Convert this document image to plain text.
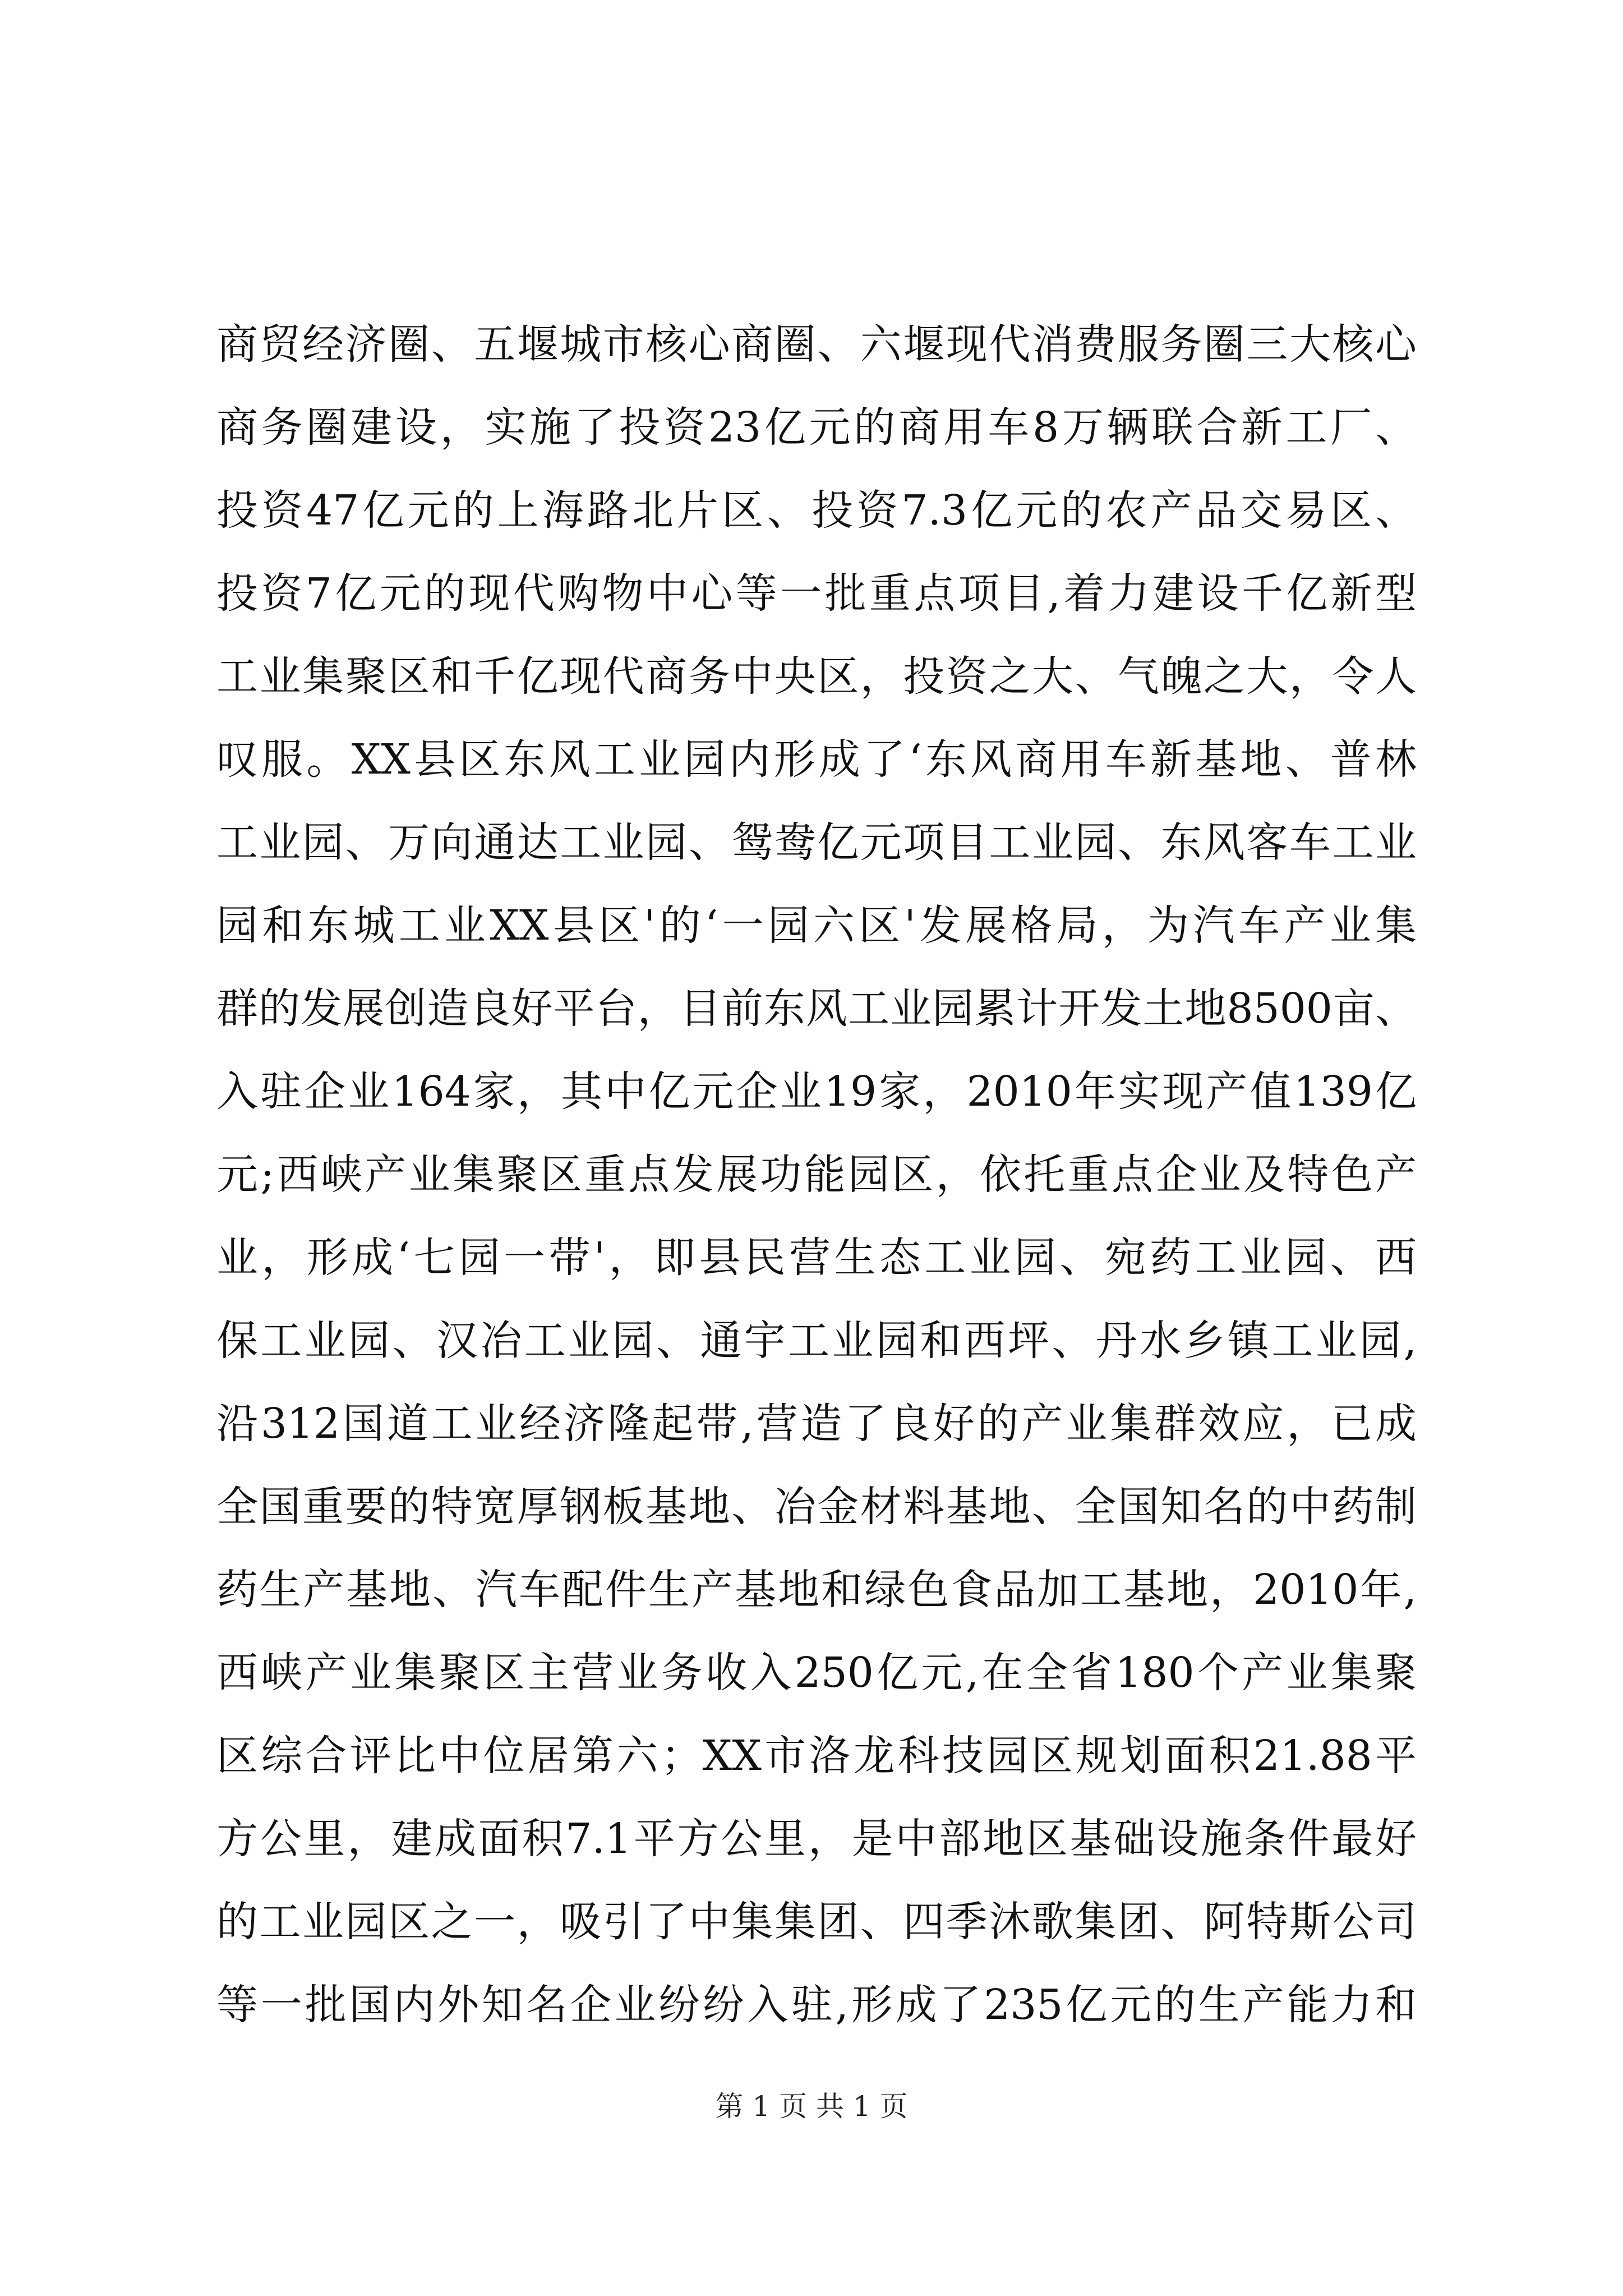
商贸经济圈、五堰城市核心商圈、六堰现代消费服务圈三大核心
商务圈建设，实施了投资23亿元的商用车8万辆联合新工厂、
投资47亿元的上海路北片区、投资7.3亿元的农产品交易区、
投资7亿元的现代购物中心等一批重点项目,着力建设千亿新型
工业集聚区和千亿现代商务中央区，投资之大、气魄之大，令人
叹服。XX县区东风工业园内形成了‘东风商用车新基地、普林
工业园、万向通达工业园、鸳鸯亿元项目工业园、东风客车工业
园和东城工业XX县区'的‘一园六区'发展格局，为汽车产业集
群的发展创造良好平台，目前东风工业园累计开发土地8500亩、
入驻企业164家，其中亿元企业19家，2010年实现产值139亿
元;西峡产业集聚区重点发展功能园区，依托重点企业及特色产
业，形成‘七园一带'，即县民营生态工业园、宛药工业园、西
保工业园、汉冶工业园、通宇工业园和西坪、丹水乡镇工业园,
沿312国道工业经济隆起带,营造了良好的产业集群效应，已成
全国重要的特宽厚钢板基地、冶金材料基地、全国知名的中药制
药生产基地、汽车配件生产基地和绿色食品加工基地，2010年,
西峡产业集聚区主营业务收入250亿元,在全省180个产业集聚
区综合评比中位居第六；XX市洛龙科技园区规划面积21.88平
方公里，建成面积7.1平方公里，是中部地区基础设施条件最好
的工业园区之一，吸引了中集集团、四季沐歌集团、阿特斯公司
等一批国内外知名企业纷纷入驻,形成了235亿元的生产能力和
第 1 页 共 1 页
